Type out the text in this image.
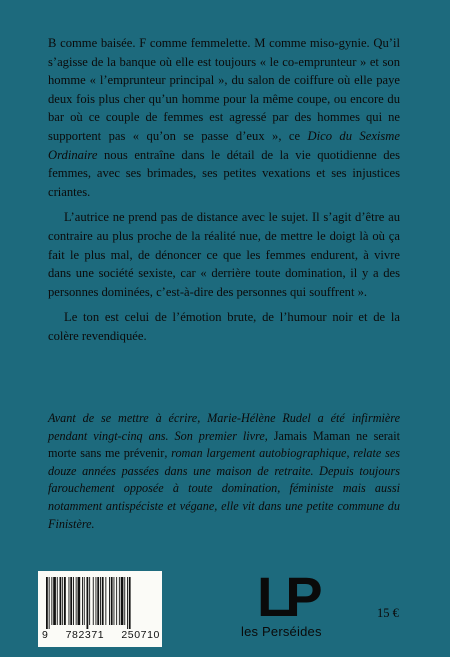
B comme baisée. F comme femmelette. M comme miso-gynie. Qu’il s’agisse de la banque où elle est toujours « le co-emprunteur » et son homme « l’emprunteur principal », du salon de coiffure où elle paye deux fois plus cher qu’un homme pour la même coupe, ou encore du bar où ce couple de femmes est agressé par des hommes qui ne supportent pas « qu’on se passe d’eux », ce Dico du Sexisme Ordinaire nous entraîne dans le détail de la vie quotidienne des femmes, avec ses brimades, ses petites vexations et ses injustices criantes.

L’autrice ne prend pas de distance avec le sujet. Il s’agit d’être au contraire au plus proche de la réalité nue, de mettre le doigt là où ça fait le plus mal, de dénoncer ce que les femmes endurent, à vivre dans une société sexiste, car « derrière toute domination, il y a des personnes dominées, c’est-à-dire des personnes qui souffrent ».

Le ton est celui de l’émotion brute, de l’humour noir et de la colère revendiquée.

Avant de se mettre à écrire, Marie-Hélène Rudel a été infirmière pendant vingt-cinq ans. Son premier livre, Jamais Maman ne serait morte sans me prévenir, roman largement autobiographique, relate ses douze années passées dans une maison de retraite. Depuis toujours farouchement opposée à toute domination, féministe mais aussi notamment antispéciste et végane, elle vit dans une petite commune du Finistère.
9 782371 250710
LP
les Perséides
15 €
